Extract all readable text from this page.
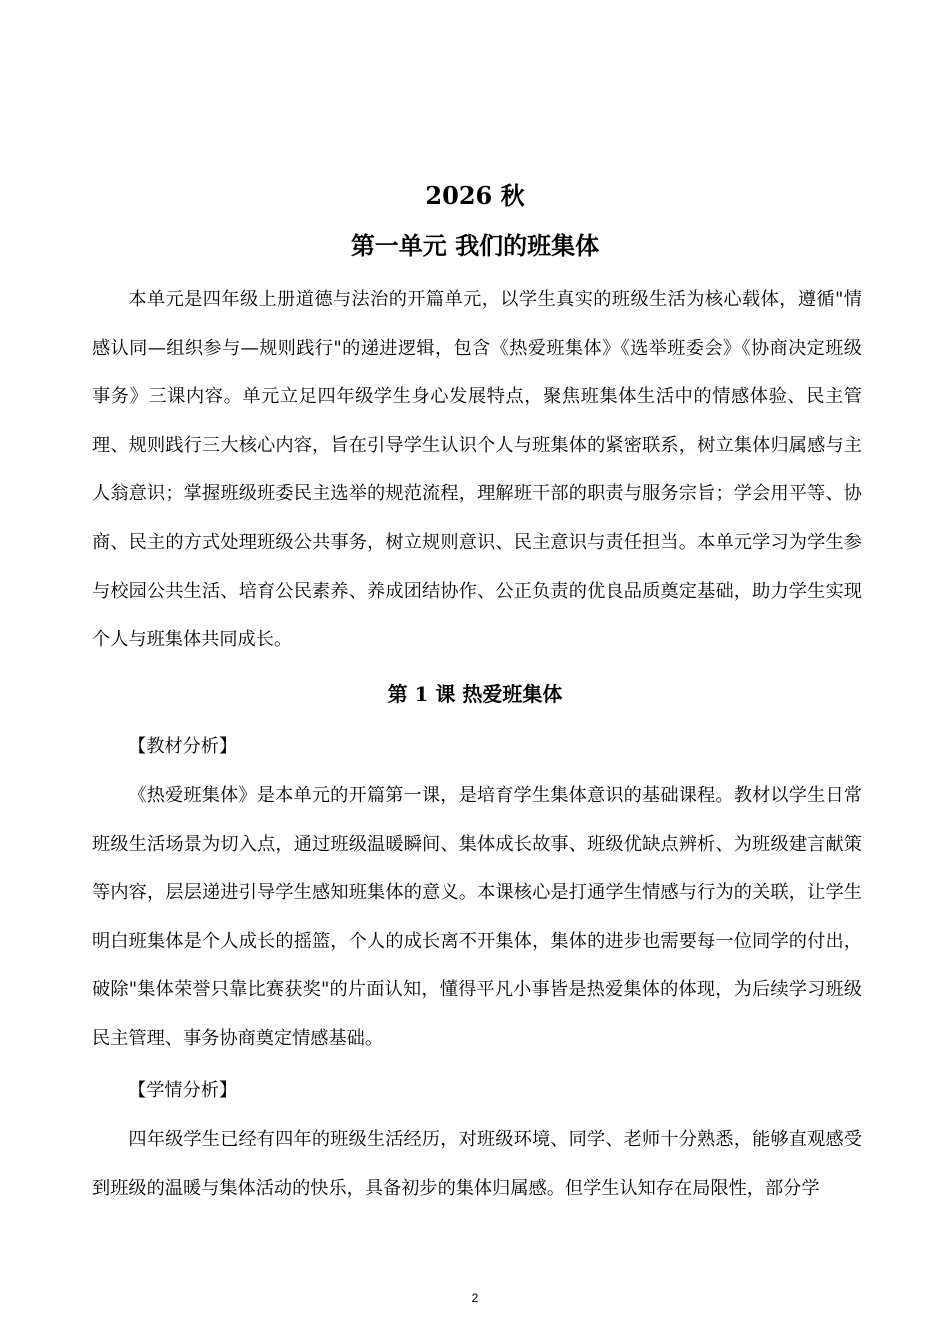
2026 秋
第一单元 我们的班集体

本单元是四年级上册道德与法治的开篇单元，以学生真实的班级生活为核心载体，遵循"情感认同—组织参与—规则践行"的递进逻辑，包含《热爱班集体》《选举班委会》《协商决定班级事务》三课内容。单元立足四年级学生身心发展特点，聚焦班集体生活中的情感体验、民主管理、规则践行三大核心内容，旨在引导学生认识个人与班集体的紧密联系，树立集体归属感与主人翁意识；掌握班级班委民主选举的规范流程，理解班干部的职责与服务宗旨；学会用平等、协商、民主的方式处理班级公共事务，树立规则意识、民主意识与责任担当。本单元学习为学生参与校园公共生活、培育公民素养、养成团结协作、公正负责的优良品质奠定基础，助力学生实现个人与班集体共同成长。

第 1 课 热爱班集体
【教材分析】

《热爱班集体》是本单元的开篇第一课，是培育学生集体意识的基础课程。教材以学生日常班级生活场景为切入点，通过班级温暖瞬间、集体成长故事、班级优缺点辨析、为班级建言献策等内容，层层递进引导学生感知班集体的意义。本课核心是打通学生情感与行为的关联，让学生明白班集体是个人成长的摇篮，个人的成长离不开集体，集体的进步也需要每一位同学的付出，破除"集体荣誉只靠比赛获奖"的片面认知，懂得平凡小事皆是热爱集体的体现，为后续学习班级民主管理、事务协商奠定情感基础。

【学情分析】

四年级学生已经有四年的班级生活经历，对班级环境、同学、老师十分熟悉，能够直观感受到班级的温暖与集体活动的快乐，具备初步的集体归属感。但学生认知存在局限性，部分学

2
